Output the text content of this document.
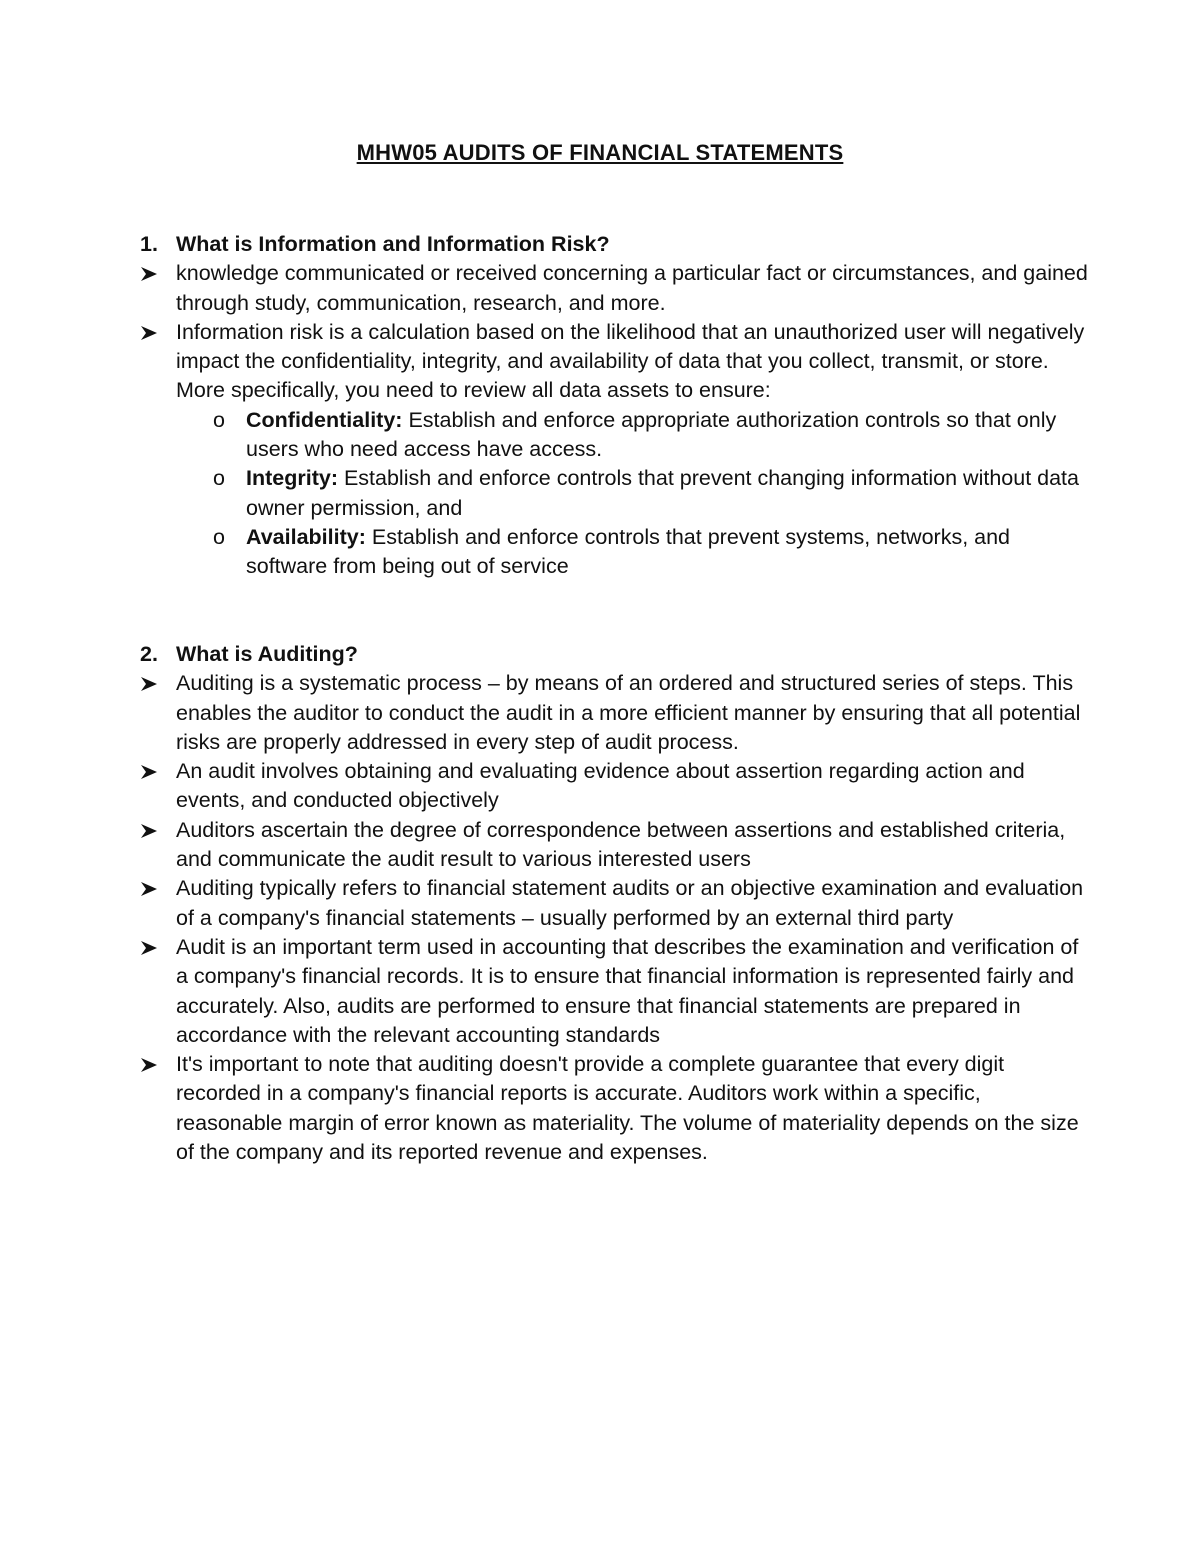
MHW05 AUDITS OF FINANCIAL STATEMENTS
1. What is Information and Information Risk?
knowledge communicated or received concerning a particular fact or circumstances, and gained through study, communication, research, and more.
Information risk is a calculation based on the likelihood that an unauthorized user will negatively impact the confidentiality, integrity, and availability of data that you collect, transmit, or store. More specifically, you need to review all data assets to ensure:
o Confidentiality: Establish and enforce appropriate authorization controls so that only users who need access have access.
o Integrity: Establish and enforce controls that prevent changing information without data owner permission, and
o Availability: Establish and enforce controls that prevent systems, networks, and software from being out of service
2. What is Auditing?
Auditing is a systematic process – by means of an ordered and structured series of steps. This enables the auditor to conduct the audit in a more efficient manner by ensuring that all potential risks are properly addressed in every step of audit process.
An audit involves obtaining and evaluating evidence about assertion regarding action and events, and conducted objectively
Auditors ascertain the degree of correspondence between assertions and established criteria, and communicate the audit result to various interested users
Auditing typically refers to financial statement audits or an objective examination and evaluation of a company's financial statements – usually performed by an external third party
Audit is an important term used in accounting that describes the examination and verification of a company's financial records. It is to ensure that financial information is represented fairly and accurately. Also, audits are performed to ensure that financial statements are prepared in accordance with the relevant accounting standards
It's important to note that auditing doesn't provide a complete guarantee that every digit recorded in a company's financial reports is accurate. Auditors work within a specific, reasonable margin of error known as materiality. The volume of materiality depends on the size of the company and its reported revenue and expenses.
